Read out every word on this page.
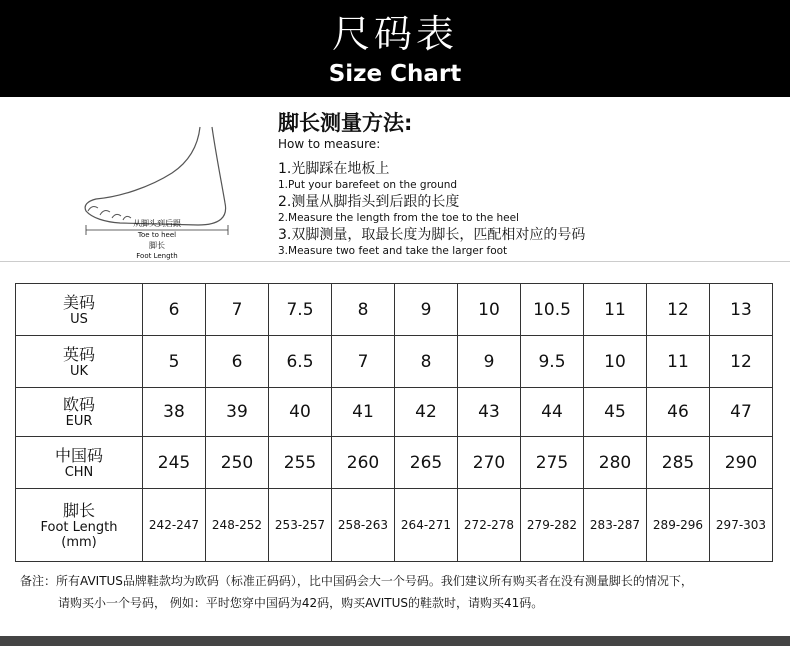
尺码表
Size Chart
从脚头到后跟
Toe to heel
脚长
Foot Length
脚长测量方法:
How to measure:
1.光脚踩在地板上
1.Put your barefeet on the ground
2.测量从脚指头到后跟的长度
2.Measure the length from the toe to the heel
3.双脚测量，取最长度为脚长，匹配相对应的号码
3.Measure two feet and take the larger foot
美码
US	6	7	7.5	8	9	10	10.5	11	12	13

英码
UK	5	6	6.5	7	8	9	9.5	10	11	12

欧码
EUR	38	39	40	41	42	43	44	45	46	47

中国码
CHN	245	250	255	260	265	270	275	280	285	290

脚长
Foot Length
(mm)	242-247	248-252	253-257	258-263	264-271	272-278	279-282	283-287	289-296	297-303
备注：所有AVITUS品牌鞋款均为欧码（标准正码码），比中国码会大一个号码。我们建议所有购买者在没有测量脚长的情况下，
请购买小一个号码， 例如：平时您穿中国码为42码，购买AVITUS的鞋款时，请购买41码。
